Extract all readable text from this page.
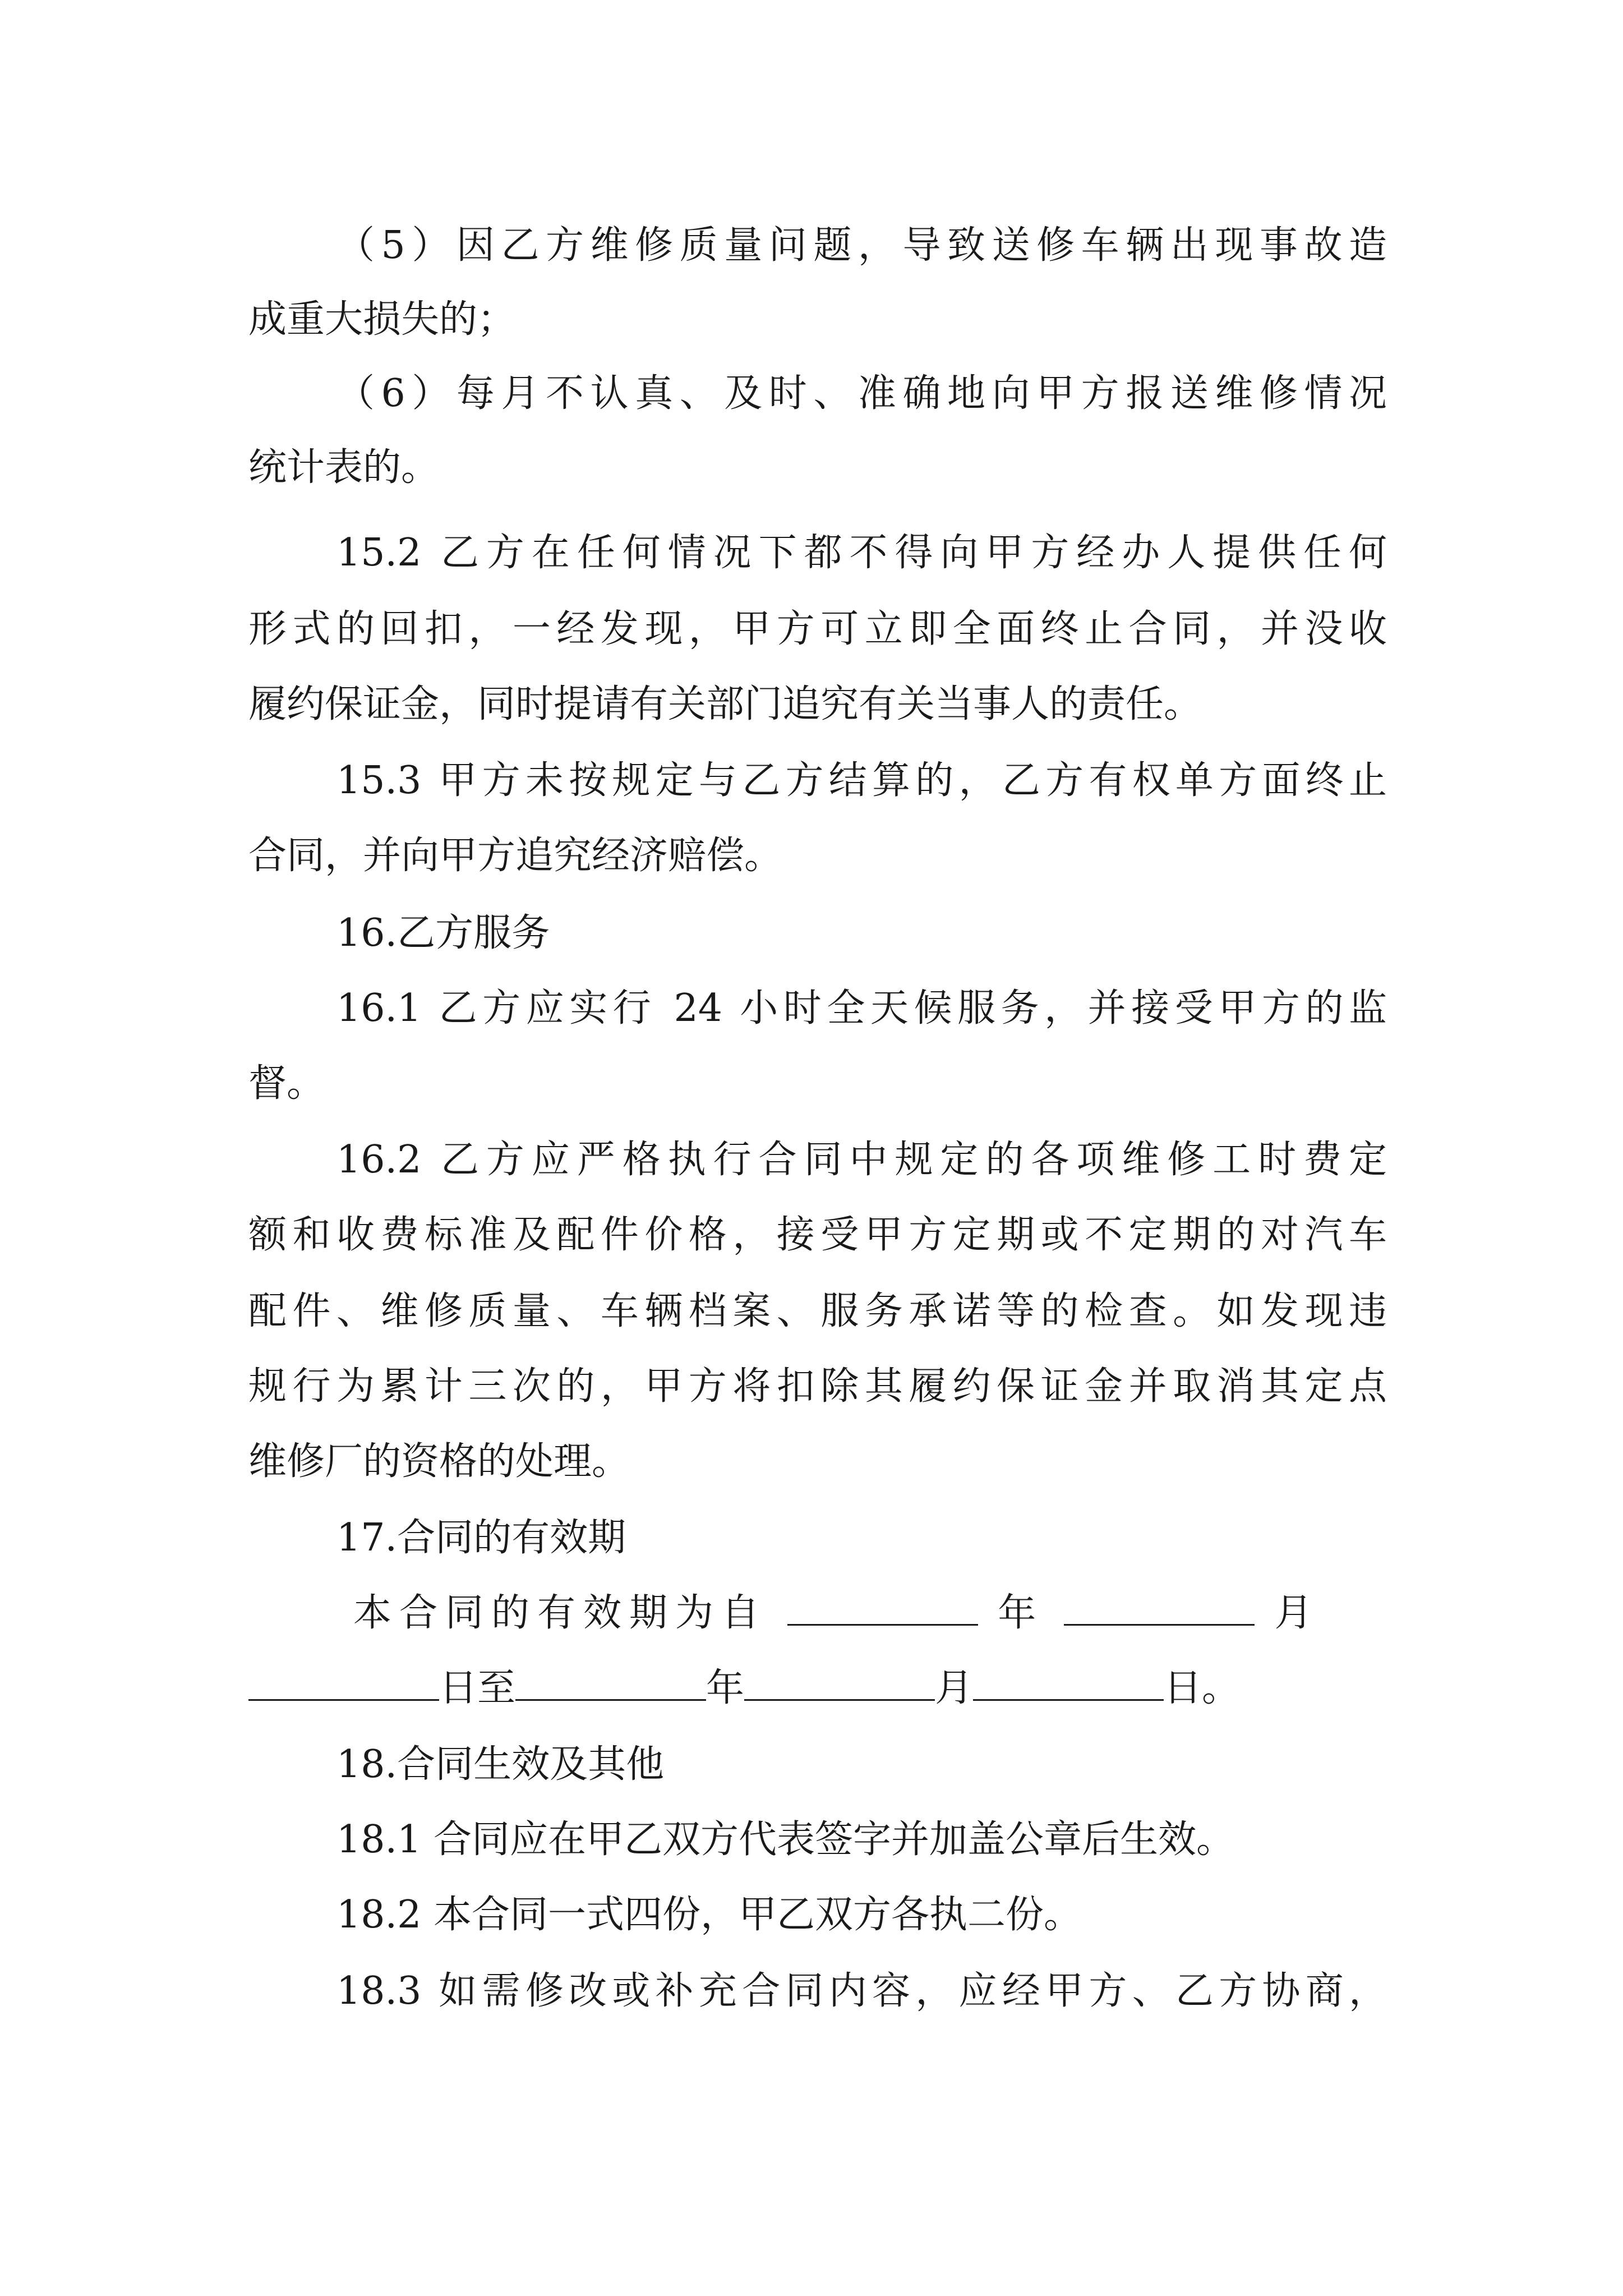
（5）因乙方维修质量问题，导致送修车辆出现事故造
成重大损失的；
（6）每月不认真、及时、准确地向甲方报送维修情况
统计表的。
15.2 乙方在任何情况下都不得向甲方经办人提供任何
形式的回扣，一经发现，甲方可立即全面终止合同，并没收
履约保证金，同时提请有关部门追究有关当事人的责任。
15.3 甲方未按规定与乙方结算的，乙方有权单方面终止
合同，并向甲方追究经济赔偿。
16.乙方服务
16.1 乙方应实行 24 小时全天候服务，并接受甲方的监
督。
16.2 乙方应严格执行合同中规定的各项维修工时费定
额和收费标准及配件价格，接受甲方定期或不定期的对汽车
配件、维修质量、车辆档案、服务承诺等的检查。如发现违
规行为累计三次的，甲方将扣除其履约保证金并取消其定点
维修厂的资格的处理。
17.合同的有效期
本合同的有效期为自	年	月
日至	年	月	日。
18.合同生效及其他
18.1 合同应在甲乙双方代表签字并加盖公章后生效。
18.2 本合同一式四份，甲乙双方各执二份。
18.3 如需修改或补充合同内容，应经甲方、乙方协商，
